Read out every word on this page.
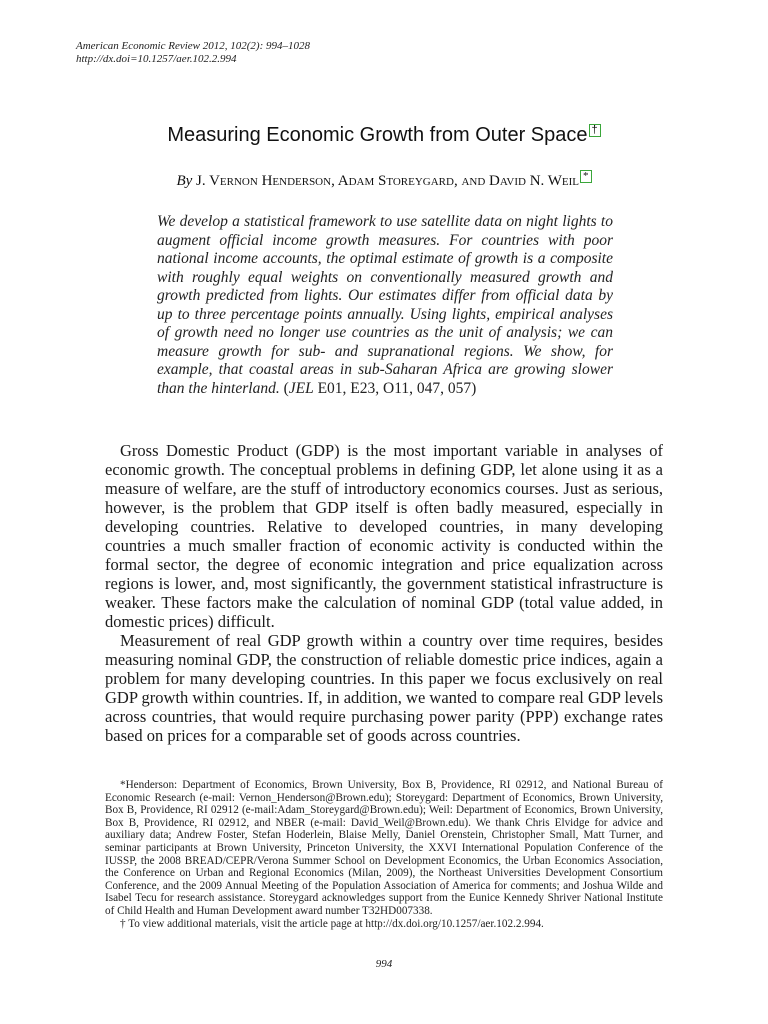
American Economic Review 2012, 102(2): 994–1028
http://dx.doi=10.1257/aer.102.2.994
Measuring Economic Growth from Outer Space †
By J. Vernon Henderson, Adam Storeygard, and David N. Weil *
We develop a statistical framework to use satellite data on night lights to augment official income growth measures. For countries with poor national income accounts, the optimal estimate of growth is a composite with roughly equal weights on conventionally measured growth and growth predicted from lights. Our estimates differ from official data by up to three percentage points annually. Using lights, empirical analyses of growth need no longer use countries as the unit of analysis; we can measure growth for sub- and supranational regions. We show, for example, that coastal areas in sub-Saharan Africa are growing slower than the hinterland. (JEL E01, E23, O11, 047, 057)

Gross Domestic Product (GDP) is the most important variable in analyses of economic growth. The conceptual problems in defining GDP, let alone using it as a measure of welfare, are the stuff of introductory economics courses. Just as serious, however, is the problem that GDP itself is often badly measured, especially in developing countries. Relative to developed countries, in many developing countries a much smaller fraction of economic activity is conducted within the formal sector, the degree of economic integration and price equalization across regions is lower, and, most significantly, the government statistical infrastructure is weaker. These factors make the calculation of nominal GDP (total value added, in domestic prices) difficult.

Measurement of real GDP growth within a country over time requires, besides measuring nominal GDP, the construction of reliable domestic price indices, again a problem for many developing countries. In this paper we focus exclusively on real GDP growth within countries. If, in addition, we wanted to compare real GDP levels across countries, that would require purchasing power parity (PPP) exchange rates based on prices for a comparable set of goods across countries.

*Henderson: Department of Economics, Brown University, Box B, Providence, RI 02912, and National Bureau of Economic Research (e-mail: Vernon_Henderson@Brown.edu); Storeygard: Department of Economics, Brown University, Box B, Providence, RI 02912 (e-mail:Adam_Storeygard@Brown.edu); Weil: Department of Economics, Brown University, Box B, Providence, RI 02912, and NBER (e-mail: David_Weil@Brown.edu). We thank Chris Elvidge for advice and auxiliary data; Andrew Foster, Stefan Hoderlein, Blaise Melly, Daniel Orenstein, Christopher Small, Matt Turner, and seminar participants at Brown University, Princeton University, the XXVI International Population Conference of the IUSSP, the 2008 BREAD/CEPR/Verona Summer School on Development Economics, the Urban Economics Association, the Conference on Urban and Regional Economics (Milan, 2009), the Northeast Universities Development Consortium Conference, and the 2009 Annual Meeting of the Population Association of America for comments; and Joshua Wilde and Isabel Tecu for research assistance. Storeygard acknowledges support from the Eunice Kennedy Shriver National Institute of Child Health and Human Development award number T32HD007338.

† To view additional materials, visit the article page at http://dx.doi.org/10.1257/aer.102.2.994.

994
